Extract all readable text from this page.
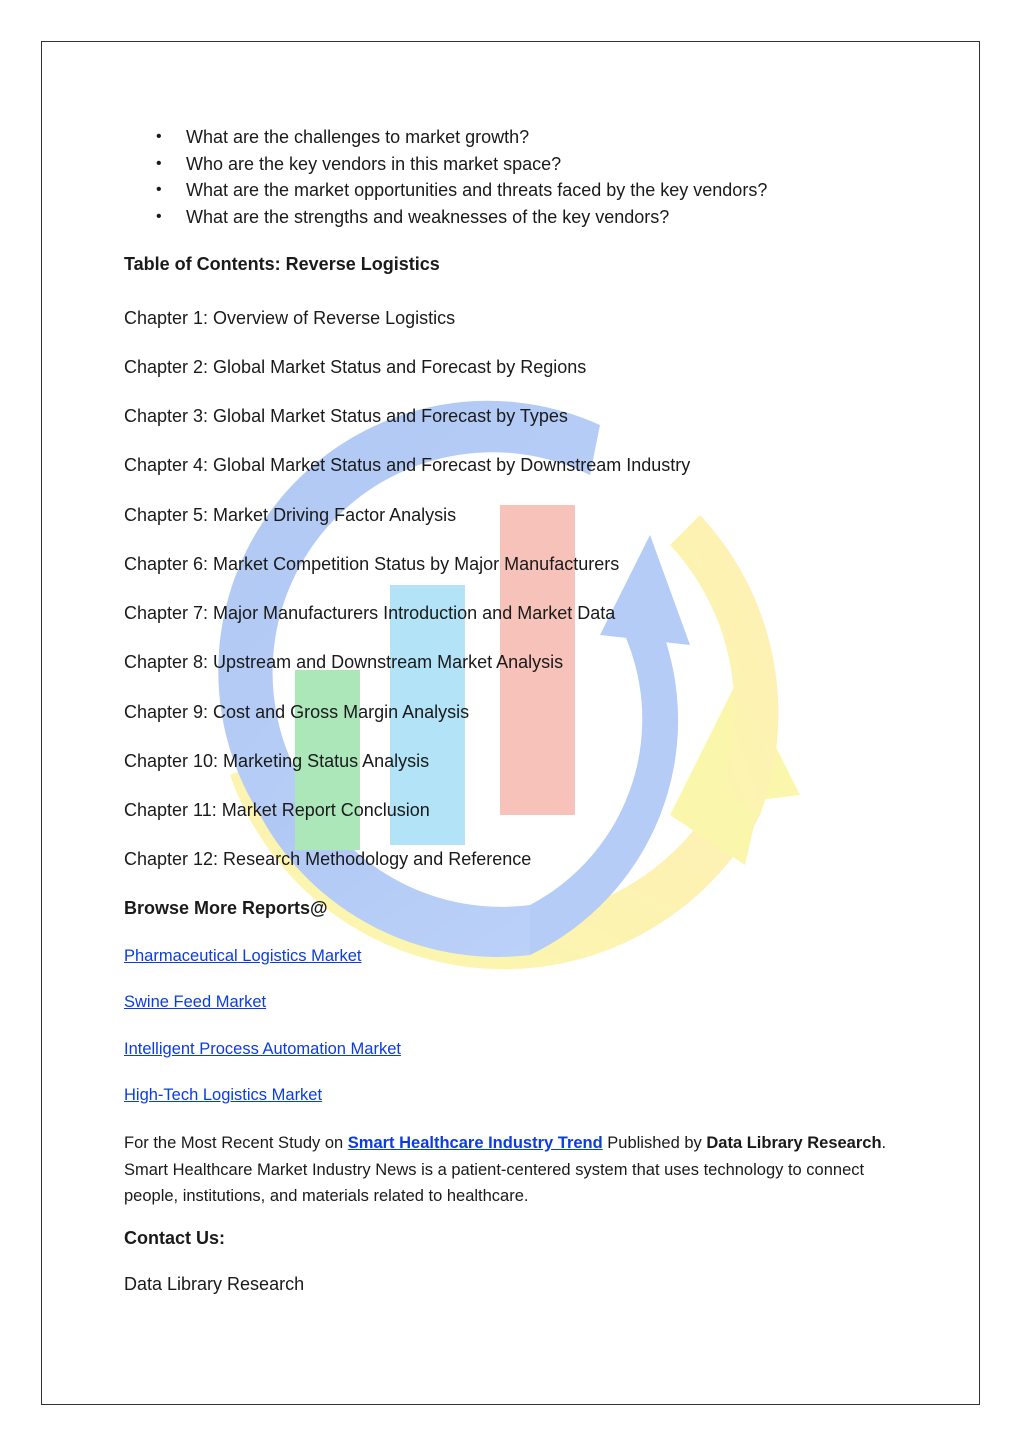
• What are the challenges to market growth?
• Who are the key vendors in this market space?
• What are the market opportunities and threats faced by the key vendors?
• What are the strengths and weaknesses of the key vendors?
Table of Contents: Reverse Logistics
Chapter 1: Overview of Reverse Logistics
Chapter 2: Global Market Status and Forecast by Regions
Chapter 3: Global Market Status and Forecast by Types
Chapter 4: Global Market Status and Forecast by Downstream Industry
Chapter 5: Market Driving Factor Analysis
Chapter 6: Market Competition Status by Major Manufacturers
Chapter 7: Major Manufacturers Introduction and Market Data
Chapter 8: Upstream and Downstream Market Analysis
Chapter 9: Cost and Gross Margin Analysis
Chapter 10: Marketing Status Analysis
Chapter 11: Market Report Conclusion
Chapter 12: Research Methodology and Reference
Browse More Reports@
Pharmaceutical Logistics Market
Swine Feed Market
Intelligent Process Automation Market
High-Tech Logistics Market
For the Most Recent Study on Smart Healthcare Industry Trend Published by Data Library Research. Smart Healthcare Market Industry News is a patient-centered system that uses technology to connect people, institutions, and materials related to healthcare.
Contact Us:
Data Library Research
